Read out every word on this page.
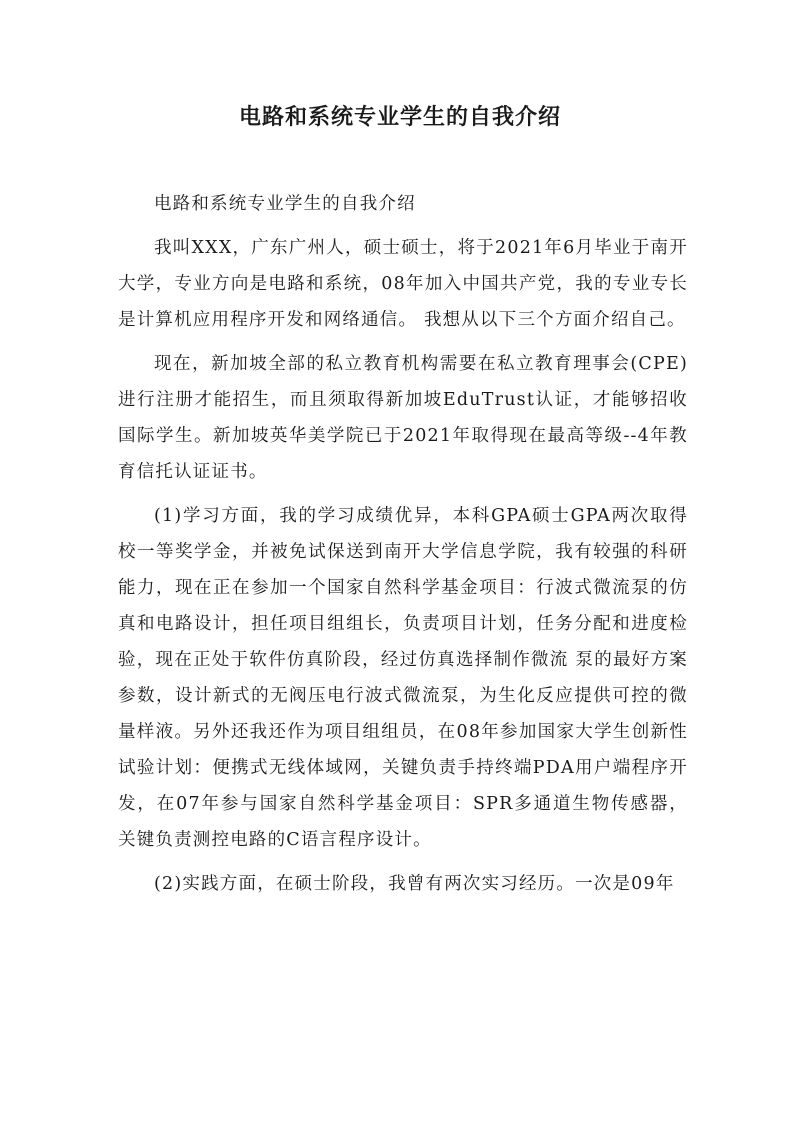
电路和系统专业学生的自我介绍

电路和系统专业学生的自我介绍

我叫XXX，广东广州人，硕士硕士，将于2021年6月毕业于南开大学，专业方向是电路和系统，08年加入中国共产党，我的专业专长是计算机应用程序开发和网络通信。 我想从以下三个方面介绍自己。

现在，新加坡全部的私立教育机构需要在私立教育理事会(CPE)进行注册才能招生，而且须取得新加坡EduTrust认证，才能够招收国际学生。新加坡英华美学院已于2021年取得现在最高等级--4年教育信托认证证书。

(1)学习方面，我的学习成绩优异，本科GPA硕士GPA两次取得校一等奖学金，并被免试保送到南开大学信息学院，我有较强的科研能力，现在正在参加一个国家自然科学基金项目：行波式微流泵的仿真和电路设计，担任项目组组长，负责项目计划，任务分配和进度检验，现在正处于软件仿真阶段，经过仿真选择制作微流 泵的最好方案参数，设计新式的无阀压电行波式微流泵，为生化反应提供可控的微量样液。另外还我还作为项目组组员，在08年参加国家大学生创新性试验计划：便携式无线体域网，关键负责手持终端PDA用户端程序开发，在07年参与国家自然科学基金项目：SPR多通道生物传感器，关键负责测控电路的C语言程序设计。

(2)实践方面，在硕士阶段，我曾有两次实习经历。一次是09年
